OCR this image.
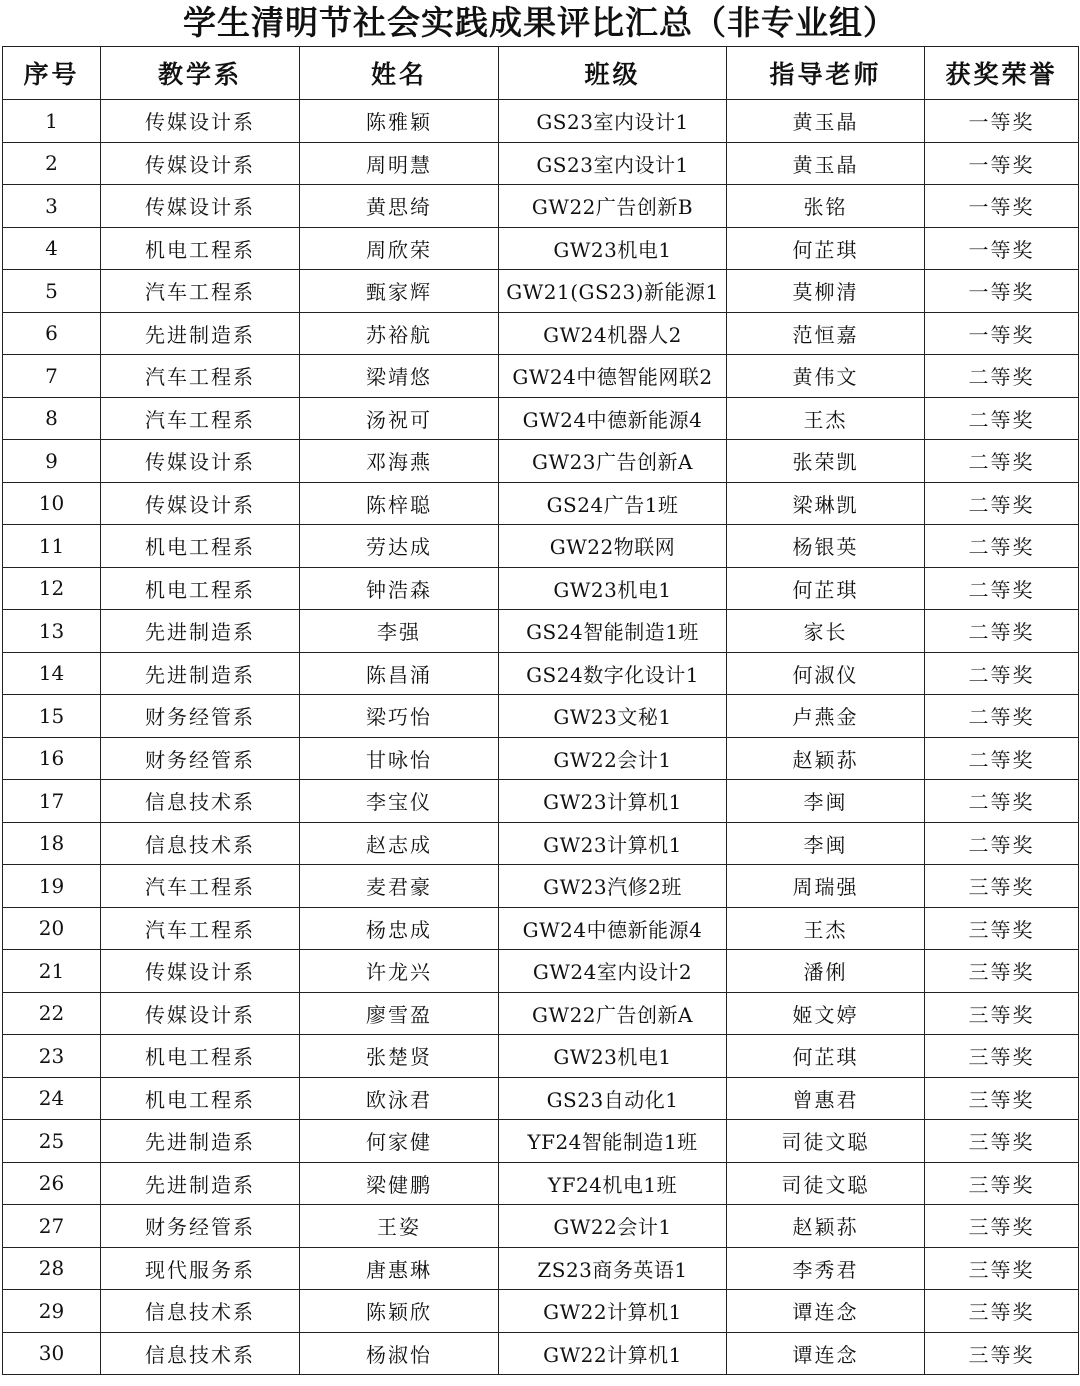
学生清明节社会实践成果评比汇总（非专业组）
序号	教学系	姓名	班级	指导老师	获奖荣誉
1	传媒设计系	陈雅颖	GS23室内设计1	黄玉晶	一等奖
2	传媒设计系	周明慧	GS23室内设计1	黄玉晶	一等奖
3	传媒设计系	黄思绮	GW22广告创新B	张铭	一等奖
4	机电工程系	周欣荣	GW23机电1	何芷琪	一等奖
5	汽车工程系	甄家辉	GW21(GS23)新能源1	莫柳清	一等奖
6	先进制造系	苏裕航	GW24机器人2	范恒嘉	一等奖
7	汽车工程系	梁靖悠	GW24中德智能网联2	黄伟文	二等奖
8	汽车工程系	汤祝可	GW24中德新能源4	王杰	二等奖
9	传媒设计系	邓海燕	GW23广告创新A	张荣凯	二等奖
10	传媒设计系	陈梓聪	GS24广告1班	梁琳凯	二等奖
11	机电工程系	劳达成	GW22物联网	杨银英	二等奖
12	机电工程系	钟浩森	GW23机电1	何芷琪	二等奖
13	先进制造系	李强	GS24智能制造1班	家长	二等奖
14	先进制造系	陈昌涌	GS24数字化设计1	何淑仪	二等奖
15	财务经管系	梁巧怡	GW23文秘1	卢燕金	二等奖
16	财务经管系	甘咏怡	GW22会计1	赵颖荪	二等奖
17	信息技术系	李宝仪	GW23计算机1	李闽	二等奖
18	信息技术系	赵志成	GW23计算机1	李闽	二等奖
19	汽车工程系	麦君豪	GW23汽修2班	周瑞强	三等奖
20	汽车工程系	杨忠成	GW24中德新能源4	王杰	三等奖
21	传媒设计系	许龙兴	GW24室内设计2	潘俐	三等奖
22	传媒设计系	廖雪盈	GW22广告创新A	姬文婷	三等奖
23	机电工程系	张楚贤	GW23机电1	何芷琪	三等奖
24	机电工程系	欧泳君	GS23自动化1	曾惠君	三等奖
25	先进制造系	何家健	YF24智能制造1班	司徒文聪	三等奖
26	先进制造系	梁健鹏	YF24机电1班	司徒文聪	三等奖
27	财务经管系	王姿	GW22会计1	赵颖荪	三等奖
28	现代服务系	唐惠琳	ZS23商务英语1	李秀君	三等奖
29	信息技术系	陈颖欣	GW22计算机1	谭连念	三等奖
30	信息技术系	杨淑怡	GW22计算机1	谭连念	三等奖
